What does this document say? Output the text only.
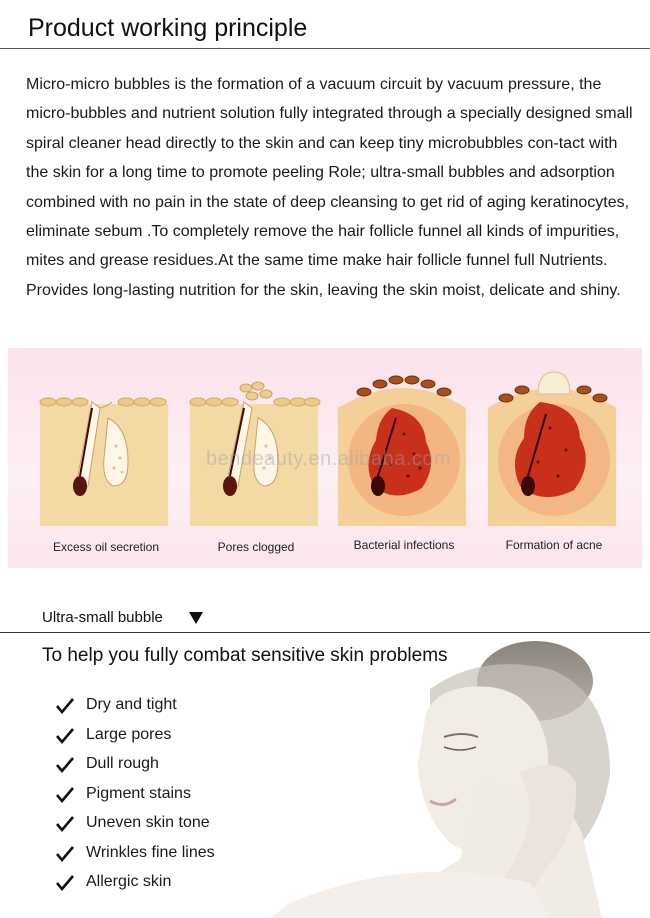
Product working principle

Micro-micro bubbles is the formation of a vacuum circuit by vacuum pressure, the micro-bubbles and nutrient solution fully integrated through a specially designed small spiral cleaner head directly to the skin and can keep tiny microbubbles con-tact with the skin for a long time to promote peeling Role; ultra-small bubbles and adsorption combined with no pain in the state of deep cleansing to get rid of aging keratinocytes, eliminate sebum .To completely remove the hair follicle funnel all kinds of impurities, mites and grease residues.At the same time make hair follicle funnel full Nutrients. Provides long-lasting nutrition for the skin, leaving the skin moist, delicate and shiny.

Excess oil secretion	Pores clogged	Bacterial infections	Formation of acne
bendeauty.en.alibaba.com
Ultra-small bubble
To help you fully combat sensitive skin problems
Dry and tight
Large pores
Dull rough
Pigment stains
Uneven skin tone
Wrinkles fine lines
Allergic skin
